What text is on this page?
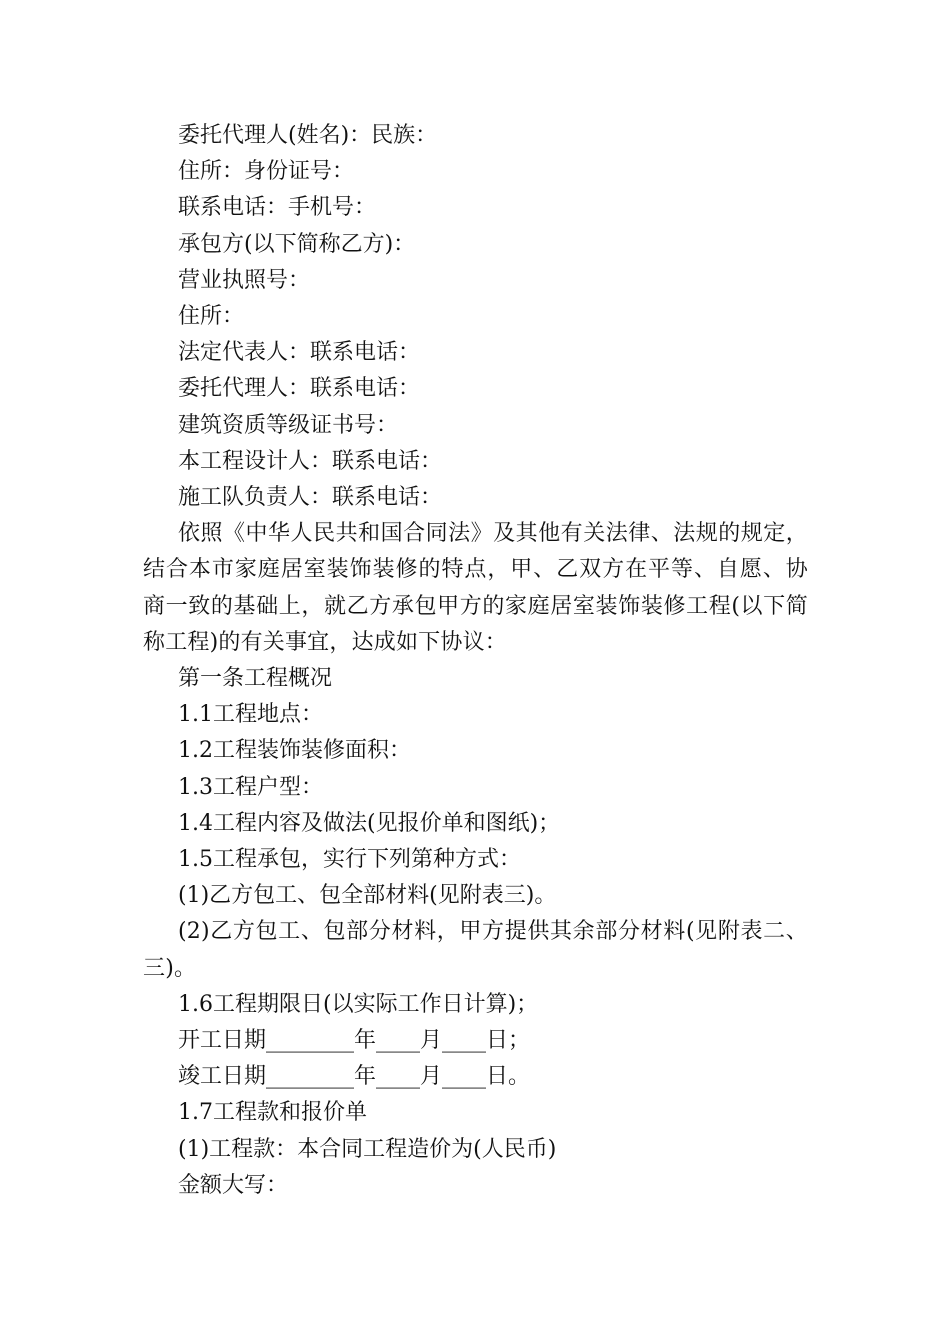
委托代理人(姓名)：民族：

住所：身份证号：

联系电话：手机号：

承包方(以下简称乙方)：

营业执照号：

住所：

法定代表人：联系电话：

委托代理人：联系电话：

建筑资质等级证书号：

本工程设计人：联系电话：

施工队负责人：联系电话：

依照《中华人民共和国合同法》及其他有关法律、法规的规定，结合本市家庭居室装饰装修的特点，甲、乙双方在平等、自愿、协商一致的基础上，就乙方承包甲方的家庭居室装饰装修工程(以下简称工程)的有关事宜，达成如下协议：

第一条工程概况

1.1工程地点：

1.2工程装饰装修面积：

1.3工程户型：

1.4工程内容及做法(见报价单和图纸)；

1.5工程承包，实行下列第种方式：

(1)乙方包工、包全部材料(见附表三)。

(2)乙方包工、包部分材料，甲方提供其余部分材料(见附表二、三)。

1.6工程期限日(以实际工作日计算)；

开工日期________年____月____日；

竣工日期________年____月____日。

1.7工程款和报价单

(1)工程款：本合同工程造价为(人民币)

金额大写：
